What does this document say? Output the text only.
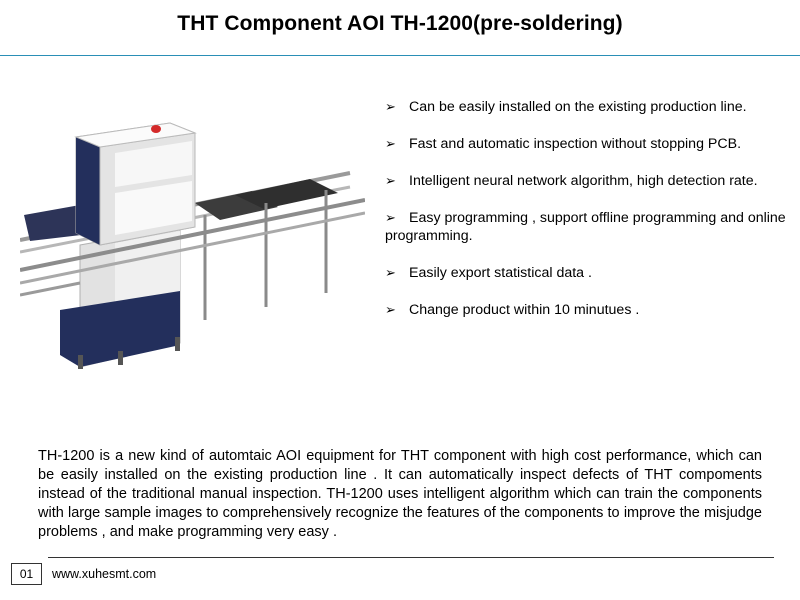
THT Component AOI TH-1200(pre-soldering)
➢ Can be easily installed on the existing production line.
➢ Fast and automatic inspection without stopping PCB.
➢ Intelligent neural network algorithm, high detection rate.
➢ Easy programming , support offline programming and online programming.
➢ Easily export statistical data .
➢ Change product within 10 minutues .

TH-1200 is a new kind of automtaic AOI equipment for THT component with high cost performance, which can be easily installed on the existing production line . It can automatically inspect defects of THT compoments instead of the traditional manual inspection. TH-1200 uses intelligent algorithm which can train the components with large sample images to comprehensively recognize the features of the components to improve the misjudge problems , and make programming very easy .

01	www.xuhesmt.com
